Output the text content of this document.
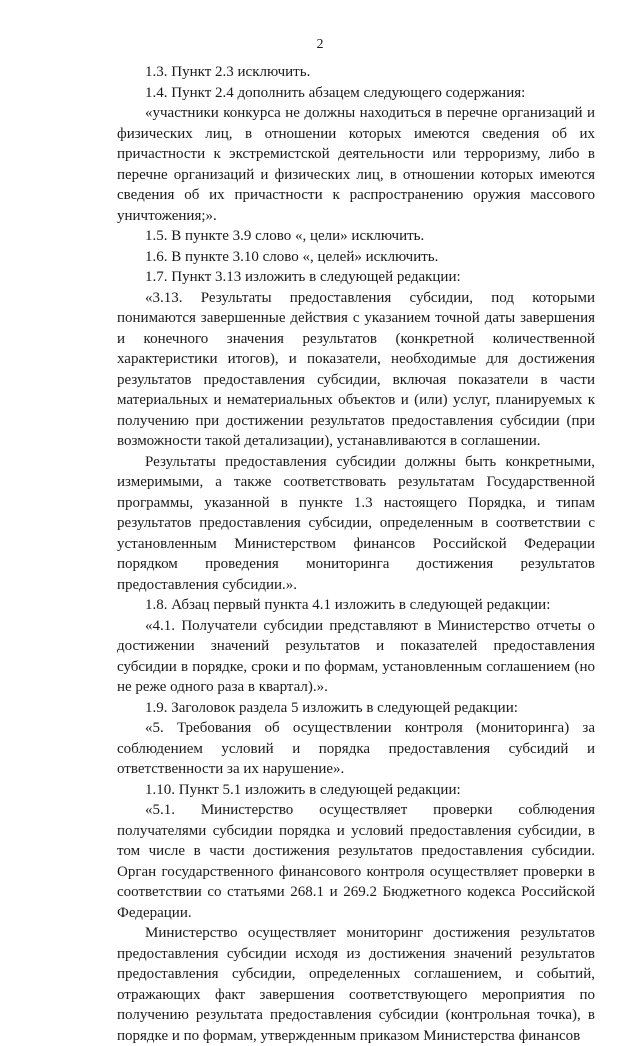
2

1.3. Пункт 2.3 исключить.

1.4. Пункт 2.4 дополнить абзацем следующего содержания:

«участники конкурса не должны находиться в перечне организаций и физических лиц, в отношении которых имеются сведения об их причастности к экстремистской деятельности или терроризму, либо в перечне организаций и физических лиц, в отношении которых имеются сведения об их причастности к распространению оружия массового уничтожения;».

1.5. В пункте 3.9 слово «, цели» исключить.

1.6. В пункте 3.10 слово «, целей» исключить.

1.7. Пункт 3.13 изложить в следующей редакции:

«3.13. Результаты предоставления субсидии, под которыми понимаются завершенные действия с указанием точной даты завершения и конечного значения результатов (конкретной количественной характеристики итогов), и показатели, необходимые для достижения результатов предоставления субсидии, включая показатели в части материальных и нематериальных объектов и (или) услуг, планируемых к получению при достижении результатов предоставления субсидии (при возможности такой детализации), устанавливаются в соглашении.

Результаты предоставления субсидии должны быть конкретными, измеримыми, а также соответствовать результатам Государственной программы, указанной в пункте 1.3 настоящего Порядка, и типам результатов предоставления субсидии, определенным в соответствии с установленным Министерством финансов Российской Федерации порядком проведения мониторинга достижения результатов предоставления субсидии.».

1.8. Абзац первый пункта 4.1 изложить в следующей редакции:

«4.1. Получатели субсидии представляют в Министерство отчеты о достижении значений результатов и показателей предоставления субсидии в порядке, сроки и по формам, установленным соглашением (но не реже одного раза в квартал).».

1.9. Заголовок раздела 5 изложить в следующей редакции:

«5. Требования об осуществлении контроля (мониторинга) за соблюдением условий и порядка предоставления субсидий и ответственности за их нарушение».

1.10. Пункт 5.1 изложить в следующей редакции:

«5.1. Министерство осуществляет проверки соблюдения получателями субсидии порядка и условий предоставления субсидии, в том числе в части достижения результатов предоставления субсидии. Орган государственного финансового контроля осуществляет проверки в соответствии со статьями 268.1 и 269.2 Бюджетного кодекса Российской Федерации.

Министерство осуществляет мониторинг достижения результатов предоставления субсидии исходя из достижения значений результатов предоставления субсидии, определенных соглашением, и событий, отражающих факт завершения соответствующего мероприятия по получению результата предоставления субсидии (контрольная точка), в порядке и по формам, утвержденным приказом Министерства финансов
